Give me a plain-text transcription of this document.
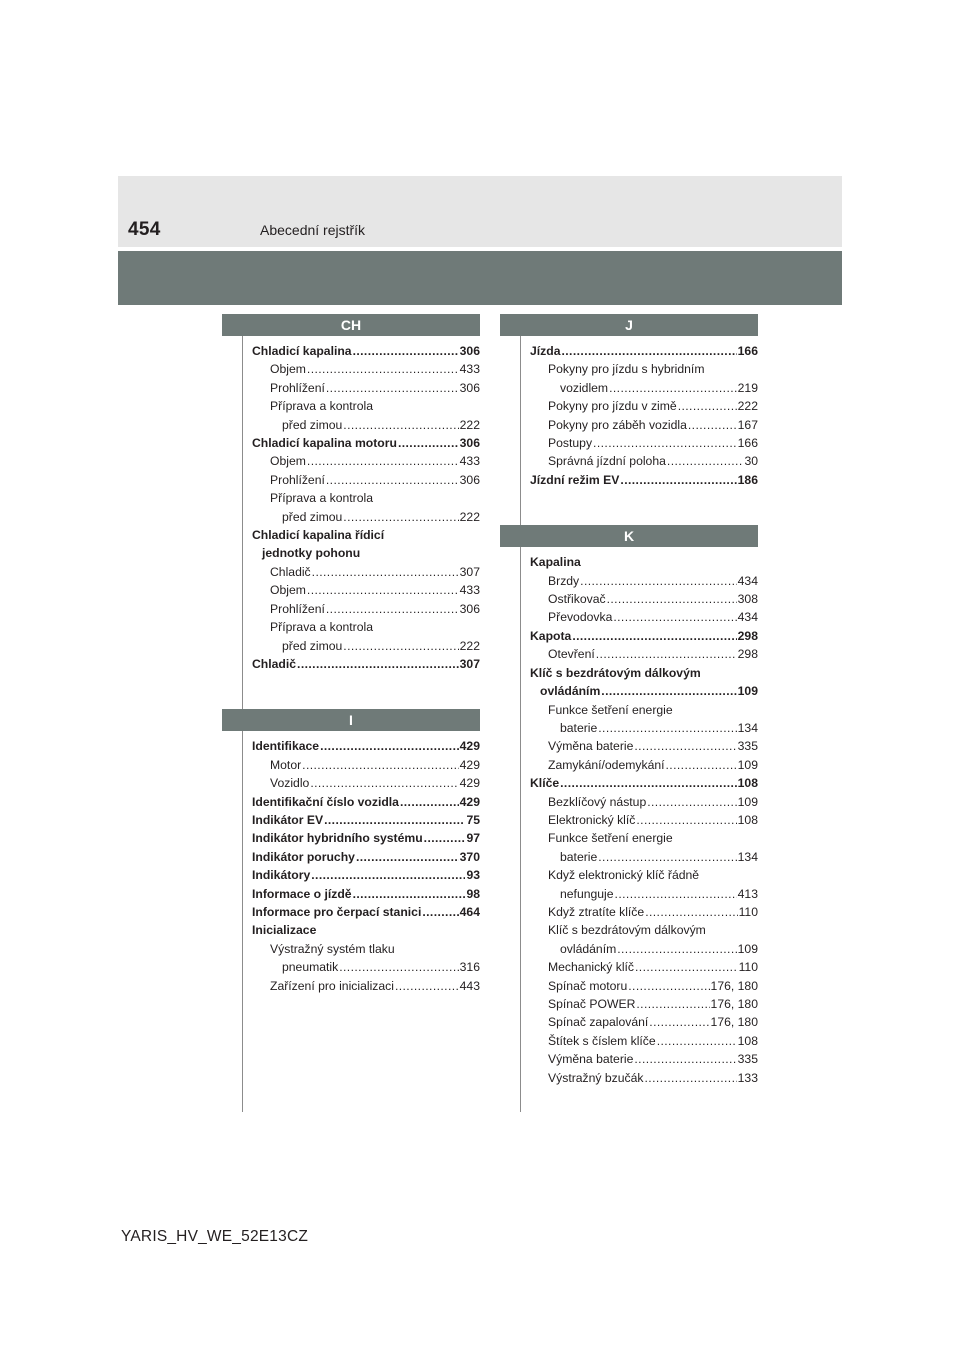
454	Abecední rejstřík
CH
Chladicí kapalina .....	306
Objem .....	433
Prohlížení .....	306
Příprava a kontrola
před zimou .....	222
Chladicí kapalina motoru .....	306
Objem .....	433
Prohlížení .....	306
Příprava a kontrola
před zimou .....	222
Chladicí kapalina řídicí
jednotky pohonu
Chladič .....	307
Objem .....	433
Prohlížení .....	306
Příprava a kontrola
před zimou .....	222
Chladič .....	307
I
Identifikace .....	429
Motor .....	429
Vozidlo .....	429
Identifikační číslo vozidla .....	429
Indikátor EV .....	75
Indikátor hybridního systému .....	97
Indikátor poruchy .....	370
Indikátory .....	93
Informace o jízdě .....	98
Informace pro čerpací stanici .....	464
Inicializace
Výstražný systém tlaku
pneumatik .....	316
Zařízení pro inicializaci .....	443
J
Jízda .....	166
Pokyny pro jízdu s hybridním
vozidlem .....	219
Pokyny pro jízdu v zimě .....	222
Pokyny pro záběh vozidla .....	167
Postupy .....	166
Správná jízdní poloha .....	30
Jízdní režim EV .....	186
K
Kapalina
Brzdy .....	434
Ostřikovač .....	308
Převodovka .....	434
Kapota .....	298
Otevření .....	298
Klíč s bezdrátovým dálkovým
ovládáním .....	109
Funkce šetření energie
baterie .....	134
Výměna baterie .....	335
Zamykání/odemykání .....	109
Klíče .....	108
Bezklíčový nástup .....	109
Elektronický klíč .....	108
Funkce šetření energie
baterie .....	134
Když elektronický klíč řádně
nefunguje .....	413
Když ztratíte klíče .....	110
Klíč s bezdrátovým dálkovým
ovládáním .....	109
Mechanický klíč .....	110
Spínač motoru .....	176, 180
Spínač POWER .....	176, 180
Spínač zapalování .....	176, 180
Štítek s číslem klíče .....	108
Výměna baterie .....	335
Výstražný bzučák .....	133
YARIS_HV_WE_52E13CZ
